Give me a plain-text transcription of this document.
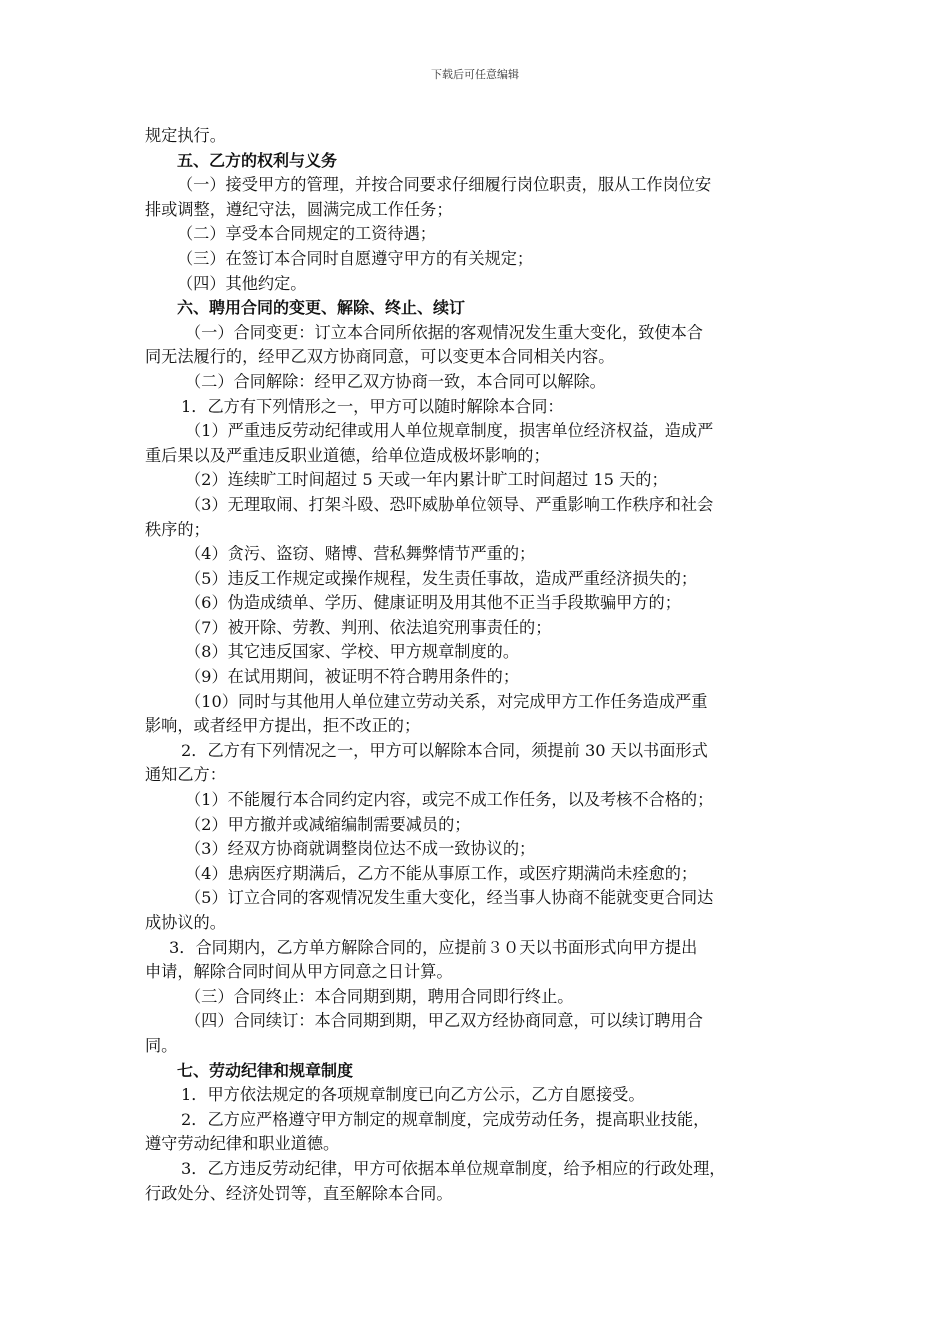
下载后可任意编辑
规定执行。
五、乙方的权利与义务
（一）接受甲方的管理，并按合同要求仔细履行岗位职责，服从工作岗位安
排或调整，遵纪守法，圆满完成工作任务；
（二）享受本合同规定的工资待遇；
（三）在签订本合同时自愿遵守甲方的有关规定；
（四）其他约定。
六、聘用合同的变更、解除、终止、续订
（一）合同变更：订立本合同所依据的客观情况发生重大变化，致使本合
同无法履行的，经甲乙双方协商同意，可以变更本合同相关内容。
（二）合同解除：经甲乙双方协商一致，本合同可以解除。
1．乙方有下列情形之一，甲方可以随时解除本合同：
（1）严重违反劳动纪律或用人单位规章制度，损害单位经济权益，造成严
重后果以及严重违反职业道德，给单位造成极坏影响的；
（2）连续旷工时间超过 5 天或一年内累计旷工时间超过 15 天的；
（3）无理取闹、打架斗殴、恐吓威胁单位领导、严重影响工作秩序和社会
秩序的；
（4）贪污、盗窃、赌博、营私舞弊情节严重的；
（5）违反工作规定或操作规程，发生责任事故，造成严重经济损失的；
（6）伪造成绩单、学历、健康证明及用其他不正当手段欺骗甲方的；
（7）被开除、劳教、判刑、依法追究刑事责任的；
（8）其它违反国家、学校、甲方规章制度的。
（9）在试用期间，被证明不符合聘用条件的；
（10）同时与其他用人单位建立劳动关系，对完成甲方工作任务造成严重
影响，或者经甲方提出，拒不改正的；
2．乙方有下列情况之一，甲方可以解除本合同，须提前 30 天以书面形式
通知乙方：
（1）不能履行本合同约定内容，或完不成工作任务，以及考核不合格的；
（2）甲方撤并或减缩编制需要减员的；
（3）经双方协商就调整岗位达不成一致协议的；
（4）患病医疗期满后，乙方不能从事原工作，或医疗期满尚未痊愈的；
（5）订立合同的客观情况发生重大变化，经当事人协商不能就变更合同达
成协议的。
3．合同期内，乙方单方解除合同的，应提前３０天以书面形式向甲方提出
申请，解除合同时间从甲方同意之日计算。
（三）合同终止：本合同期到期，聘用合同即行终止。
（四）合同续订：本合同期到期，甲乙双方经协商同意，可以续订聘用合
同。
七、劳动纪律和规章制度
1．甲方依法规定的各项规章制度已向乙方公示，乙方自愿接受。
2．乙方应严格遵守甲方制定的规章制度，完成劳动任务，提高职业技能，
遵守劳动纪律和职业道德。
3．乙方违反劳动纪律，甲方可依据本单位规章制度，给予相应的行政处理，
行政处分、经济处罚等，直至解除本合同。
